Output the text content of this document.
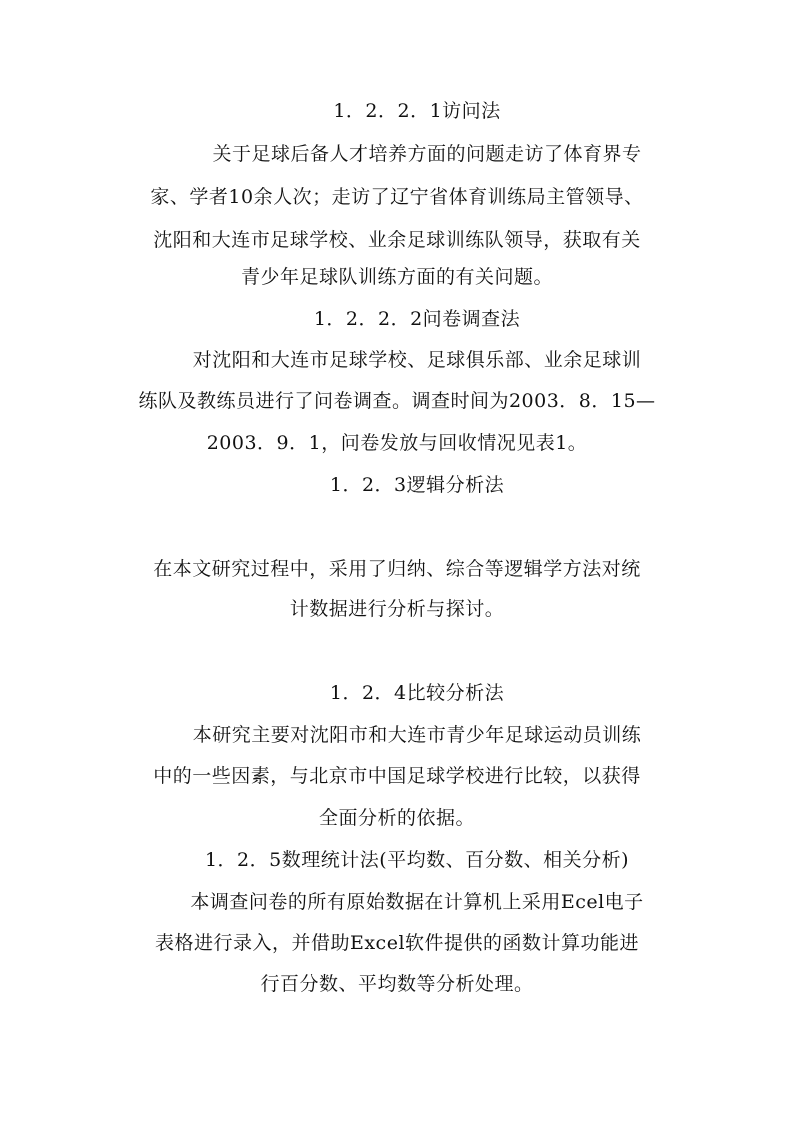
1．2．2．1访问法
关于足球后备人才培养方面的问题走访了体育界专
家、学者10余人次；走访了辽宁省体育训练局主管领导、
沈阳和大连市足球学校、业余足球训练队领导，获取有关
青少年足球队训练方面的有关问题。
1．2．2．2问卷调查法
对沈阳和大连市足球学校、足球俱乐部、业余足球训
练队及教练员进行了问卷调查。调查时间为2003．8．15—
2003．9．1，问卷发放与回收情况见表1。
1．2．3逻辑分析法
在本文研究过程中，采用了归纳、综合等逻辑学方法对统
计数据进行分析与探讨。
1．2．4比较分析法
本研究主要对沈阳市和大连市青少年足球运动员训练
中的一些因素，与北京市中国足球学校进行比较，以获得
全面分析的依据。
1．2．5数理统计法(平均数、百分数、相关分析)
本调查问卷的所有原始数据在计算机上采用Ecel电子
表格进行录入，并借助Excel软件提供的函数计算功能进
行百分数、平均数等分析处理。
